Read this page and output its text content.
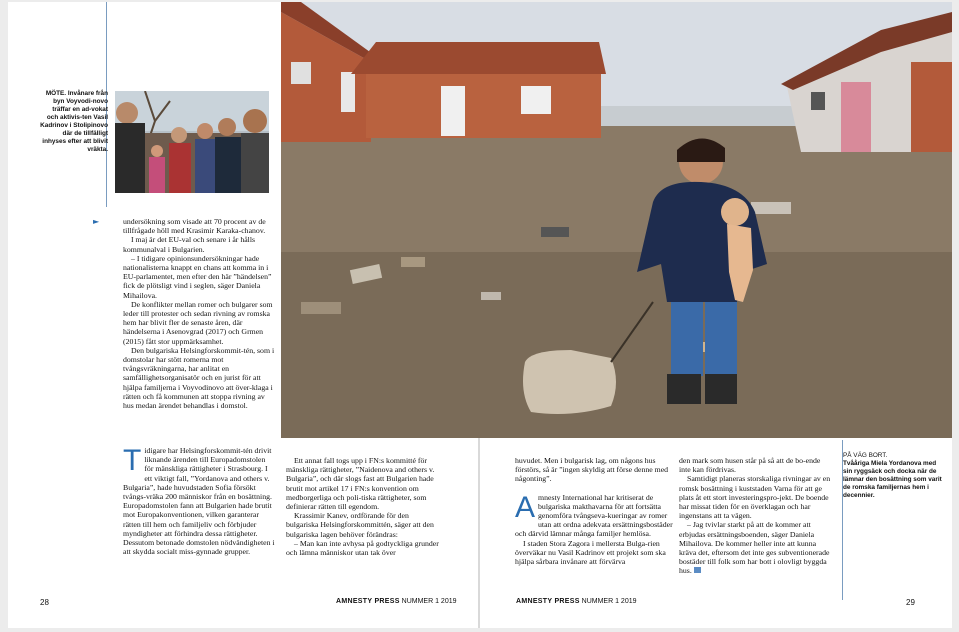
MÖTE. Invånare från byn Voyvodi-novo träffar en ad-vokat och aktivis-ten Vasil Kadrinov i Stolipinovo där de tillfälligt inhyses efter att blivit vräkta.
►	undersökning som visade att 70 procent av de tillfrågade höll med Krasimir Karaka-chanov.

I maj är det EU-val och senare i år hålls kommunalval i Bulgarien.

– I tidigare opinionsundersökningar hade nationalisterna knappt en chans att komma in i EU-parlamentet, men efter den här ”händelsen” fick de plötsligt vind i seglen, säger Daniela Mihailova.

De konflikter mellan romer och bulgarer som leder till protester och sedan rivning av romska hem har blivit fler de senaste åren, där händelserna i Asenovgrad (2017) och Grmen (2015) fått stor uppmärksamhet.

Den bulgariska Helsingforskommit-tén, som i domstolar har stött romerna mot tvångsvräkningarna, har anlitat en samfällighetsorganisatör och en jurist för att hjälpa familjerna i Voyvodinovo att över-klaga i rätten och få kommunen att stoppa rivning av hus medan ärendet behandlas i domstol.

Tidigare har Helsingforskommit-tén drivit liknande ärenden till Europadomstolen för mänskliga rättigheter i Strasbourg. I ett viktigt fall, ”Yordanova and others v. Bulgaria”, hade huvudstaden Sofia försökt tvångs-vräka 200 människor från en bosättning. Europadomstolen fann att Bulgarien hade brutit mot Europakonventionen, vilken garanterar rätten till hem och familjeliv och förbjuder myndigheter att förhindra dessa rättigheter. Dessutom betonade domstolen nödvändigheten i att skydda socialt miss-gynnade grupper.

Ett annat fall togs upp i FN:s kommitté för mänskliga rättigheter, ”Naidenova and others v. Bulgaria”, och där slogs fast att Bulgarien hade brutit mot artikel 17 i FN:s konvention om medborgerliga och poli-tiska rättigheter, som definierar rätten till egendom.

Krassimir Kanev, ordförande för den bulgariska Helsingforskommittén, säger att den bulgariska lagen behöver förändras:

– Man kan inte avhysa på godtyckliga grunder och lämna människor utan tak över

huvudet. Men i bulgarisk lag, om någons hus förstörs, så är ”ingen skyldig att förse denne med någonting”.

Amnesty International har kritiserat de bulgariska makthavarna för att fortsätta genomföra tvångseva-kueringar av romer utan att ordna adekvata ersättningsbostäder och därvid lämnar många familjer hemlösa.

I staden Stora Zagora i mellersta Bulga-rien överväkar nu Vasil Kadrinov ett projekt som ska hjälpa sårbara invånare att förvärva

den mark som husen står på så att de bo-ende inte kan fördrivas.

Samtidigt planeras storskaliga rivningar av en romsk bosättning i kuststaden Varna för att ge plats åt ett stort investeringspro-jekt. De boende har missat tiden för en överklagan och har ingenstans att ta vägen.

– Jag tvivlar starkt på att de kommer att erbjudas ersättningsboenden, säger Daniela Mihailova. De kommer heller inte att kunna kräva det, eftersom det inte ges subventionerade bostäder till folk som har bott i olovligt byggda hus.

PÅ VÄG BORT.
Tvååriga Miela Yordanova med sin ryggsäck och docka när de lämnar den bosättning som varit de romska familjernas hem i decennier.
28	AMNESTY PRESS NUMMER 1 2019	AMNESTY PRESS NUMMER 1 2019	29
